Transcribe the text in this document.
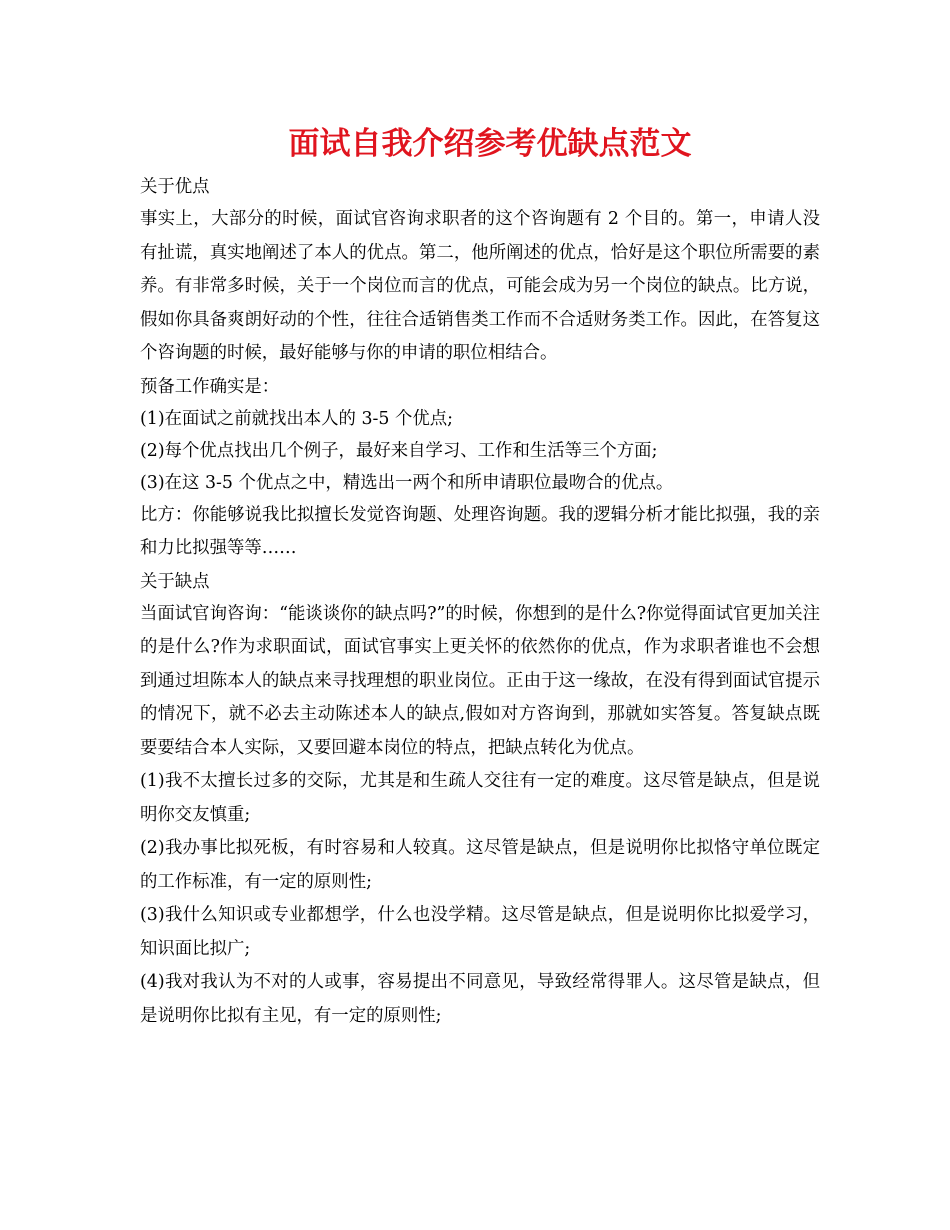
面试自我介绍参考优缺点范文

关于优点

事实上，大部分的时候，面试官咨询求职者的这个咨询题有 2 个目的。第一，申请人没有扯谎，真实地阐述了本人的优点。第二，他所阐述的优点，恰好是这个职位所需要的素养。有非常多时候，关于一个岗位而言的优点，可能会成为另一个岗位的缺点。比方说，假如你具备爽朗好动的个性，往往合适销售类工作而不合适财务类工作。因此，在答复这个咨询题的时候，最好能够与你的申请的职位相结合。

预备工作确实是：

(1)在面试之前就找出本人的 3-5 个优点;

(2)每个优点找出几个例子，最好来自学习、工作和生活等三个方面;

(3)在这 3-5 个优点之中，精选出一两个和所申请职位最吻合的优点。

比方：你能够说我比拟擅长发觉咨询题、处理咨询题。我的逻辑分析才能比拟强，我的亲和力比拟强等等……

关于缺点

当面试官询咨询：“能谈谈你的缺点吗?”的时候，你想到的是什么?你觉得面试官更加关注的是什么?作为求职面试，面试官事实上更关怀的依然你的优点，作为求职者谁也不会想到通过坦陈本人的缺点来寻找理想的职业岗位。正由于这一缘故，在没有得到面试官提示的情况下，就不必去主动陈述本人的缺点,假如对方咨询到，那就如实答复。答复缺点既要要结合本人实际，又要回避本岗位的特点，把缺点转化为优点。

(1)我不太擅长过多的交际，尤其是和生疏人交往有一定的难度。这尽管是缺点，但是说明你交友慎重;

(2)我办事比拟死板，有时容易和人较真。这尽管是缺点，但是说明你比拟恪守单位既定的工作标准，有一定的原则性;

(3)我什么知识或专业都想学，什么也没学精。这尽管是缺点，但是说明你比拟爱学习，知识面比拟广;

(4)我对我认为不对的人或事，容易提出不同意见，导致经常得罪人。这尽管是缺点，但是说明你比拟有主见，有一定的原则性;
